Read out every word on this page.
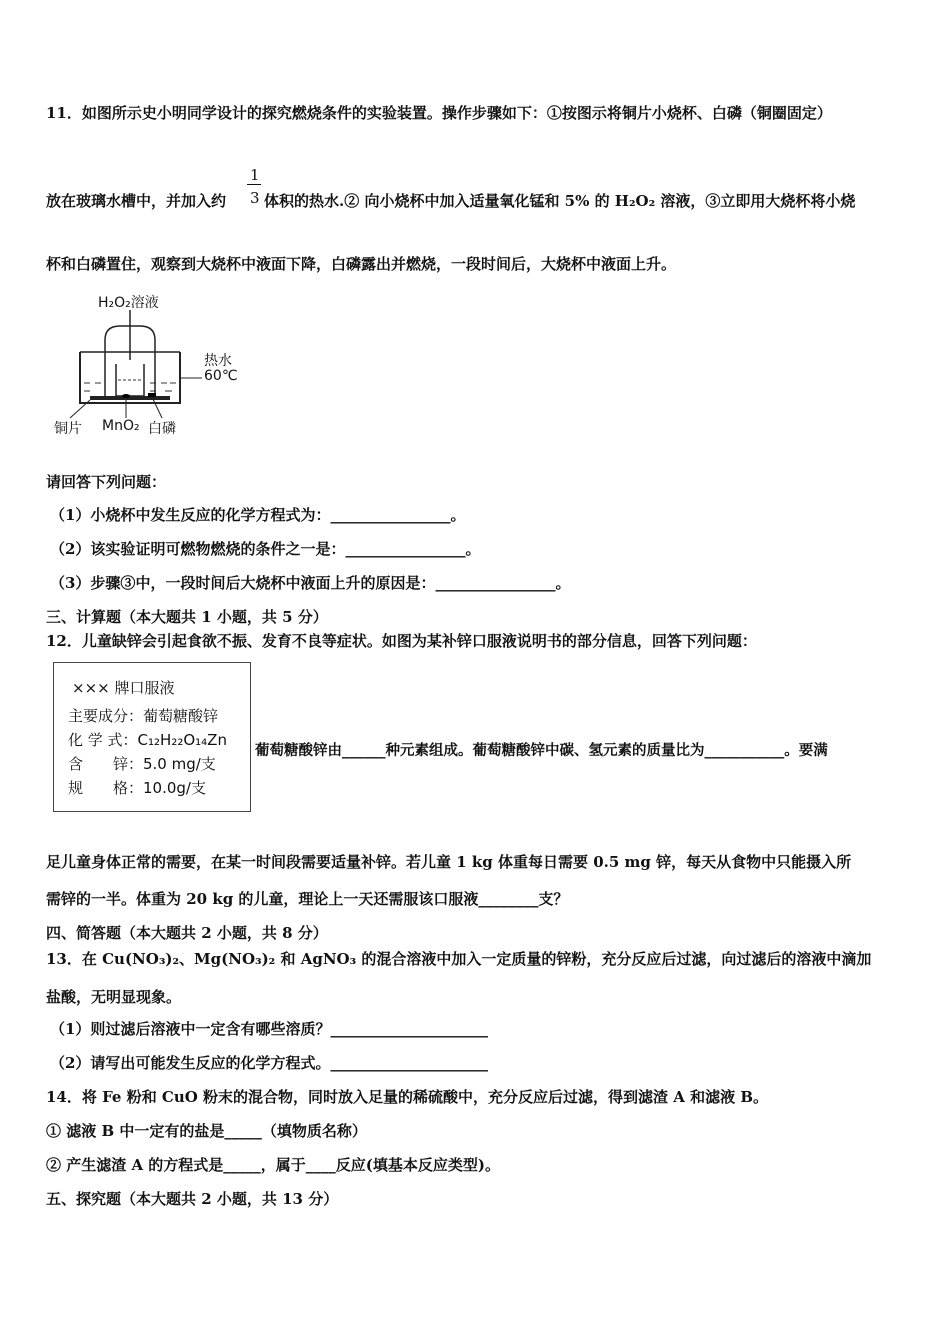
11．如图所示史小明同学设计的探究燃烧条件的实验装置。操作步骤如下：①按图示将铜片小烧杯、白磷（铜圈固定）
1
3
放在玻璃水槽中，并加入约	体积的热水.② 向小烧杯中加入适量氧化锰和 5% 的 H₂O₂ 溶液，③立即用大烧杯将小烧
杯和白磷置住，观察到大烧杯中液面下降，白磷露出并燃烧，一段时间后，大烧杯中液面上升。
H₂O₂溶液
热水
60℃
铜片 MnO₂ 白磷
请回答下列问题：
（1）小烧杯中发生反应的化学方程式为：________________。
（2）该实验证明可燃物燃烧的条件之一是：________________。
（3）步骤③中，一段时间后大烧杯中液面上升的原因是：________________。
三、计算题（本大题共 1 小题，共 5 分）
12．儿童缺锌会引起食欲不振、发育不良等症状。如图为某补锌口服液说明书的部分信息，回答下列问题：
××× 牌口服液
主要成分：葡萄糖酸锌
化 学 式：C₁₂H₂₂O₁₄Zn
含　　锌：5.0 mg/支
规　　格：10.0g/支
葡萄糖酸锌由______种元素组成。葡萄糖酸锌中碳、氢元素的质量比为___________。要满
足儿童身体正常的需要，在某一时间段需要适量补锌。若儿童 1 kg 体重每日需要 0.5 mg 锌，每天从食物中只能摄入所
需锌的一半。体重为 20 kg 的儿童，理论上一天还需服该口服液________支？
四、简答题（本大题共 2 小题，共 8 分）
13．在 Cu(NO₃)₂、Mg(NO₃)₂ 和 AgNO₃ 的混合溶液中加入一定质量的锌粉，充分反应后过滤，向过滤后的溶液中滴加
盐酸，无明显现象。
（1）则过滤后溶液中一定含有哪些溶质？_____________________
（2）请写出可能发生反应的化学方程式。_____________________
14．将 Fe 粉和 CuO 粉末的混合物，同时放入足量的稀硫酸中，充分反应后过滤，得到滤渣 A 和滤液 B。
① 滤液 B 中一定有的盐是_____（填物质名称）
② 产生滤渣 A 的方程式是_____，属于____反应(填基本反应类型)。
五、探究题（本大题共 2 小题，共 13 分）
